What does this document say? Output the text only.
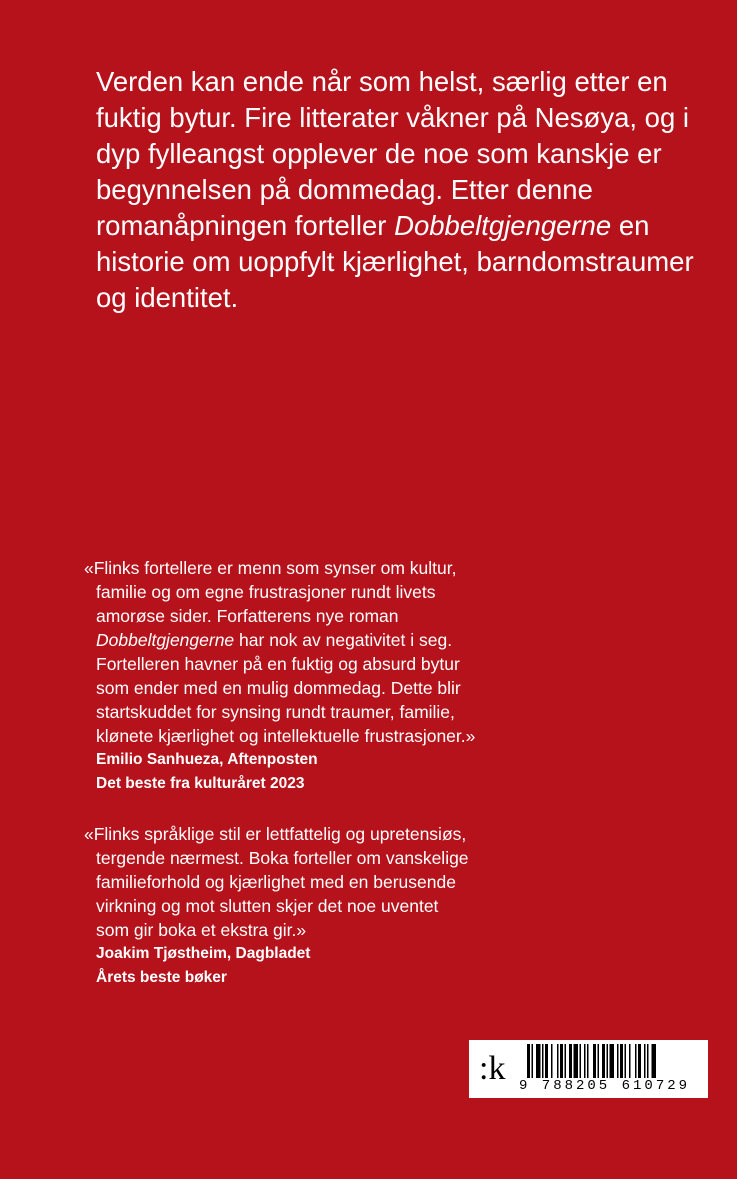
Verden kan ende når som helst, særlig etter en fuktig bytur. Fire litterater våkner på Nesøya, og i dyp fylleangst opplever de noe som kanskje er begynnelsen på dommedag. Etter denne romanåpningen forteller Dobbeltgjengerne en historie om uoppfylt kjærlighet, barndomstraumer og identitet.

«Flinks fortellere er menn som synser om kultur,
familie og om egne frustrasjoner rundt livets
amorøse sider. Forfatterens nye roman
Dobbeltgjengerne har nok av negativitet i seg.
Fortelleren havner på en fuktig og absurd bytur
som ender med en mulig dommedag. Dette blir
startskuddet for synsing rundt traumer, familie,
klønete kjærlighet og intellektuelle frustrasjoner.»
Emilio Sanhueza, Aftenposten
Det beste fra kulturåret 2023

«Flinks språklige stil er lettfattelig og upretensiøs,
tergende nærmest. Boka forteller om vanskelige
familieforhold og kjærlighet med en berusende
virkning og mot slutten skjer det noe uventet
som gir boka et ekstra gir.»
Joakim Tjøstheim, Dagbladet
Årets beste bøker

:k 9 788205 610729
